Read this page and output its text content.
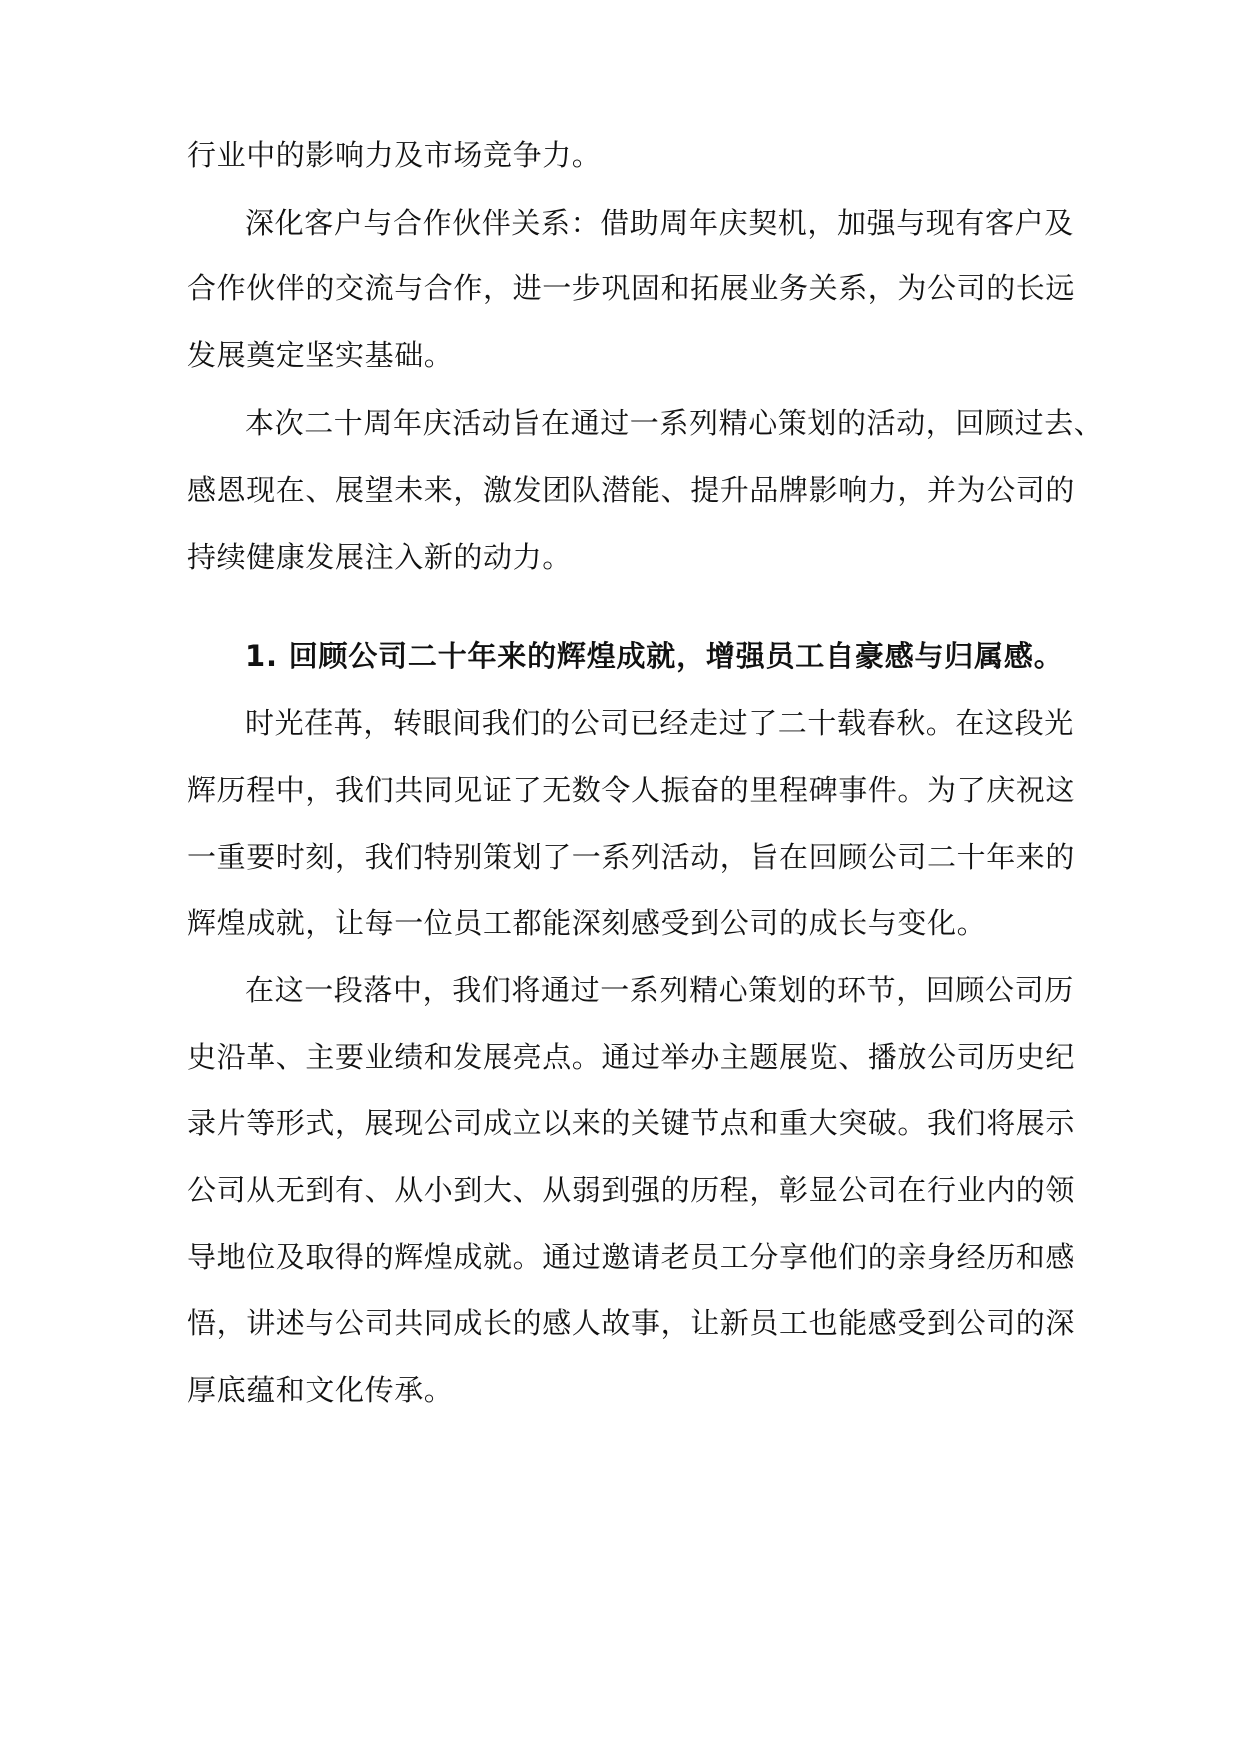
行业中的影响力及市场竞争力。
深化客户与合作伙伴关系：借助周年庆契机，加强与现有客户及
合作伙伴的交流与合作，进一步巩固和拓展业务关系，为公司的长远
发展奠定坚实基础。
本次二十周年庆活动旨在通过一系列精心策划的活动，回顾过去、
感恩现在、展望未来，激发团队潜能、提升品牌影响力，并为公司的
持续健康发展注入新的动力。
1. 回顾公司二十年来的辉煌成就，增强员工自豪感与归属感。
时光荏苒，转眼间我们的公司已经走过了二十载春秋。在这段光
辉历程中，我们共同见证了无数令人振奋的里程碑事件。为了庆祝这
一重要时刻，我们特别策划了一系列活动，旨在回顾公司二十年来的
辉煌成就，让每一位员工都能深刻感受到公司的成长与变化。
在这一段落中，我们将通过一系列精心策划的环节，回顾公司历
史沿革、主要业绩和发展亮点。通过举办主题展览、播放公司历史纪
录片等形式，展现公司成立以来的关键节点和重大突破。我们将展示
公司从无到有、从小到大、从弱到强的历程，彰显公司在行业内的领
导地位及取得的辉煌成就。通过邀请老员工分享他们的亲身经历和感
悟，讲述与公司共同成长的感人故事，让新员工也能感受到公司的深
厚底蕴和文化传承。
